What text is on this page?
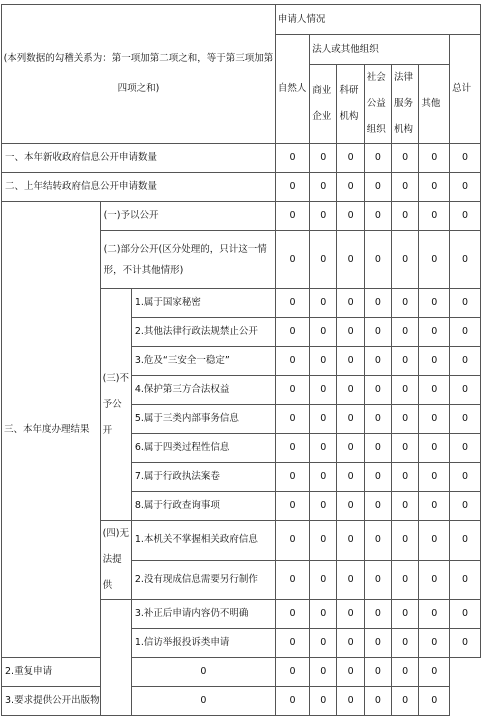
(本列数据的勾稽关系为：第一项加第二项之和，等于第三项加第四项之和)			申请人情况						
			自然人	法人或其他组织					总计
				商业企业	科研机构	社会公益组织	法律服务机构	其他	

一、本年新收政府信息公开申请数量			0	0	0	0	0	0	0
二、上年结转政府信息公开申请数量			0	0	0	0	0	0	0
三、本年度办理结果	(一)予以公开		0	0	0	0	0	0	0
	(二)部分公开(区分处理的，只计这一情形，不计其他情形)		0	0	0	0	0	0	0
	(三)不予公开	1.属于国家秘密	0	0	0	0	0	0	0
		2.其他法律行政法规禁止公开	0	0	0	0	0	0	0
		3.危及“三安全一稳定”	0	0	0	0	0	0	0
		4.保护第三方合法权益	0	0	0	0	0	0	0
		5.属于三类内部事务信息	0	0	0	0	0	0	0
		6.属于四类过程性信息	0	0	0	0	0	0	0
		7.属于行政执法案卷	0	0	0	0	0	0	0
		8.属于行政查询事项	0	0	0	0	0	0	0
	(四)无法提供	1.本机关不掌握相关政府信息	0	0	0	0	0	0	0
		2.没有现成信息需要另行制作	0	0	0	0	0	0	0
		3.补正后申请内容仍不明确	0	0	0	0	0	0	0
		1.信访举报投诉类申请	0	0	0	0	0	0	0
2.重复申请		0	0	0	0	0	0	0	
3.要求提供公开出版物		0	0	0	0	0	0	0	
